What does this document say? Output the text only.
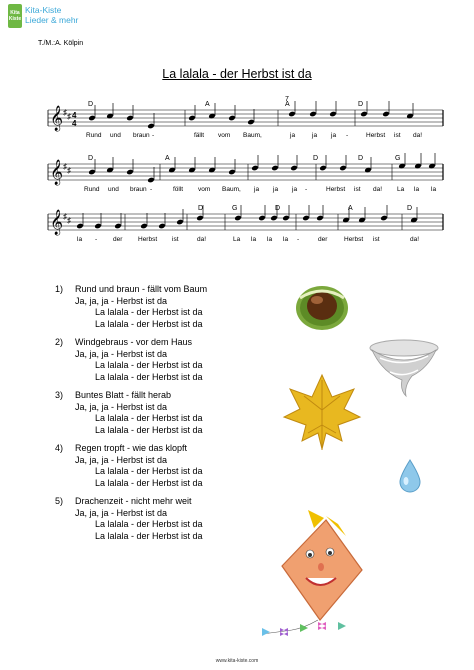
Kita
Kiste
Kita-Kiste
Lieder & mehr
T./M.:A. Kölpin
La lalala - der Herbst ist da
𝄞 ♯ ♯ 4
4
D	A	A	D
7
Rund und braun -	fällt vom Baum,	ja	ja ja -	Herbst ist da!
𝄞 ♯ ♯
D	A	D	D	G
Rund und braun -	föllt vom Baum, ja ja ja -	Herbst ist da! La la la
𝄞 ♯ ♯
D	G	D	A	D
la - der Herbst ist	da!	La la la la -	der	Herbst ist	da!
1) Rund und braun - fällt vom Baum
Ja, ja, ja - Herbst ist da
La lalala - der Herbst ist da
La lalala - der Herbst ist da
2) Windgebraus - vor dem Haus
Ja, ja, ja - Herbst ist da
La lalala - der Herbst ist da
La lalala - der Herbst ist da
3) Buntes Blatt - fällt herab
Ja, ja, ja - Herbst ist da
La lalala - der Herbst ist da
La lalala - der Herbst ist da
4) Regen tropft - wie das klopft
Ja, ja, ja - Herbst ist da
La lalala - der Herbst ist da
La lalala - der Herbst ist da
5) Drachenzeit - nicht mehr weit
Ja, ja, ja - Herbst ist da
La lalala - der Herbst ist da
La lalala - der Herbst ist da
www.kita-kiste.com
